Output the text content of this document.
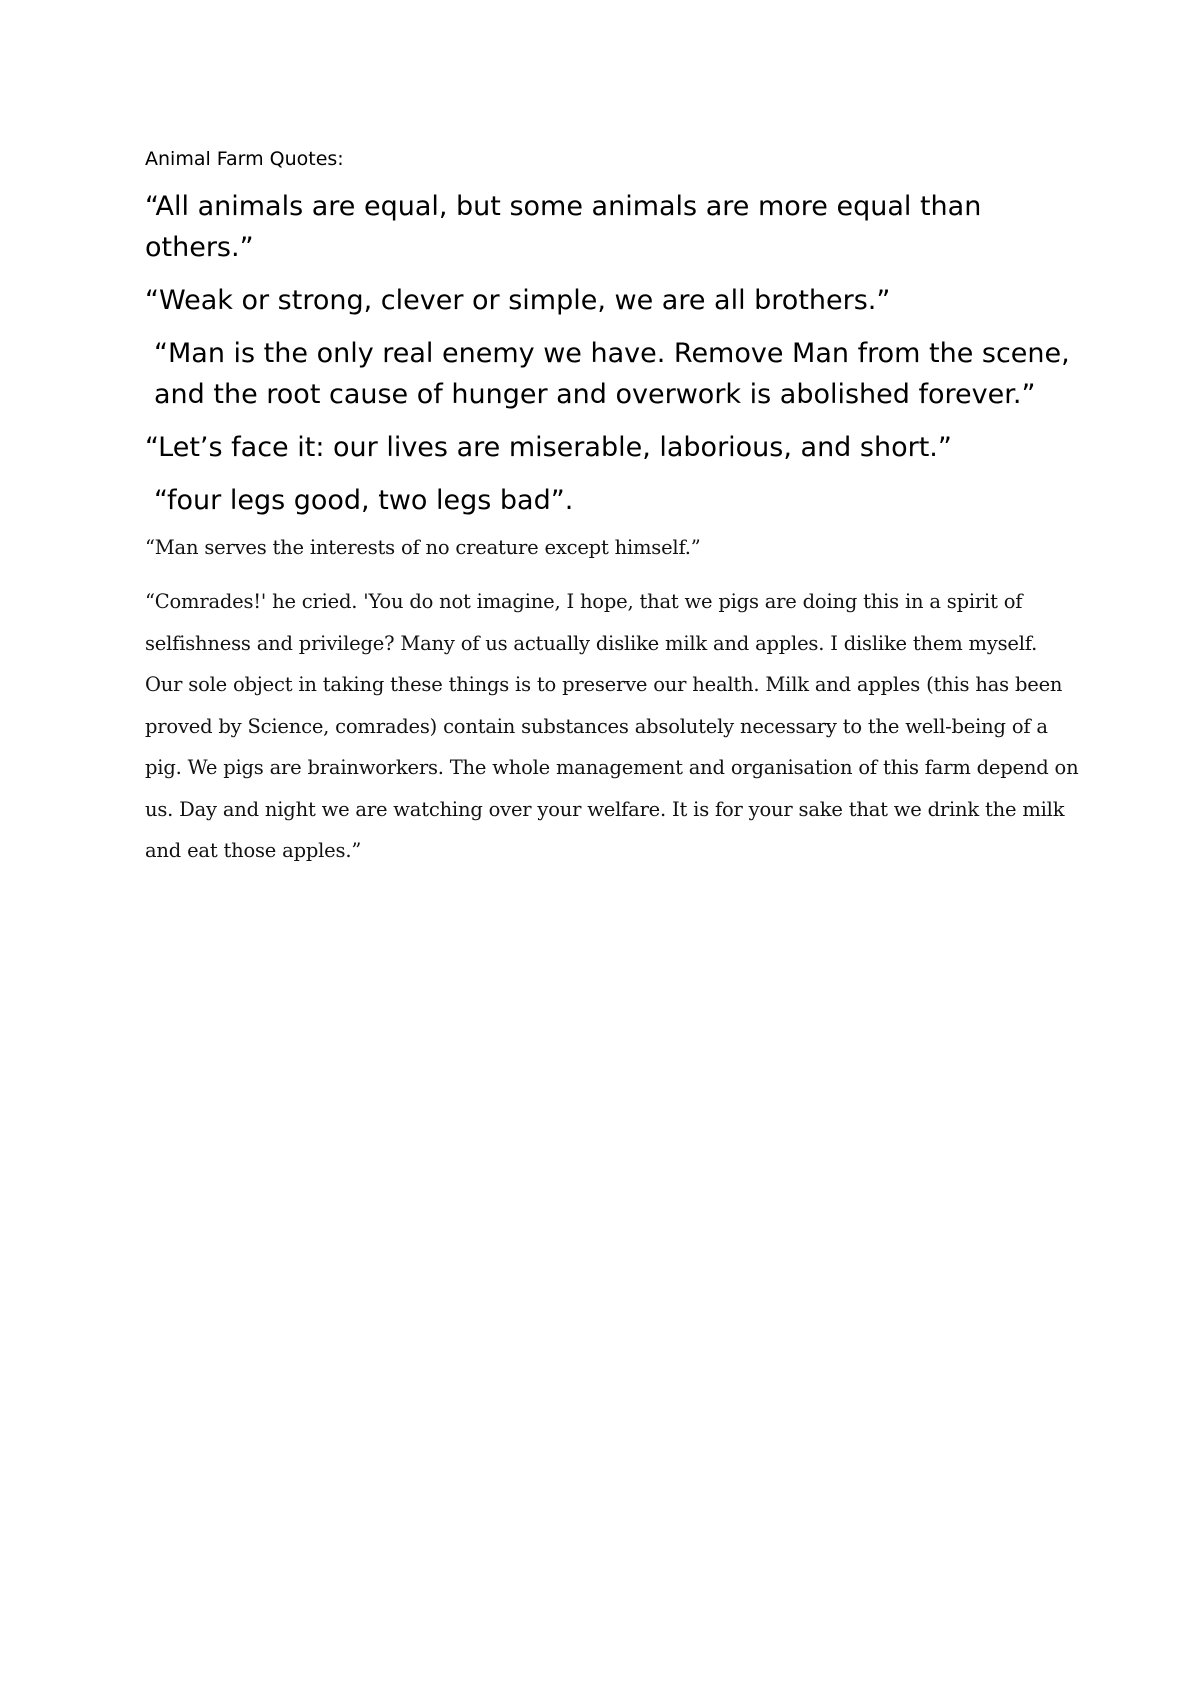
Animal Farm Quotes:

“All animals are equal, but some animals are more equal than others.”

“Weak or strong, clever or simple, we are all brothers.”

“Man is the only real enemy we have. Remove Man from the scene, and the root cause of hunger and overwork is abolished forever.”

“Let’s face it: our lives are miserable, laborious, and short.”

“four legs good, two legs bad”.

“Man serves the interests of no creature except himself.”

“Comrades!' he cried. 'You do not imagine, I hope, that we pigs are doing this in a spirit of selfishness and privilege? Many of us actually dislike milk and apples. I dislike them myself. Our sole object in taking these things is to preserve our health. Milk and apples (this has been proved by Science, comrades) contain substances absolutely necessary to the well-being of a pig. We pigs are brainworkers. The whole management and organisation of this farm depend on us. Day and night we are watching over your welfare. It is for your sake that we drink the milk and eat those apples.”
